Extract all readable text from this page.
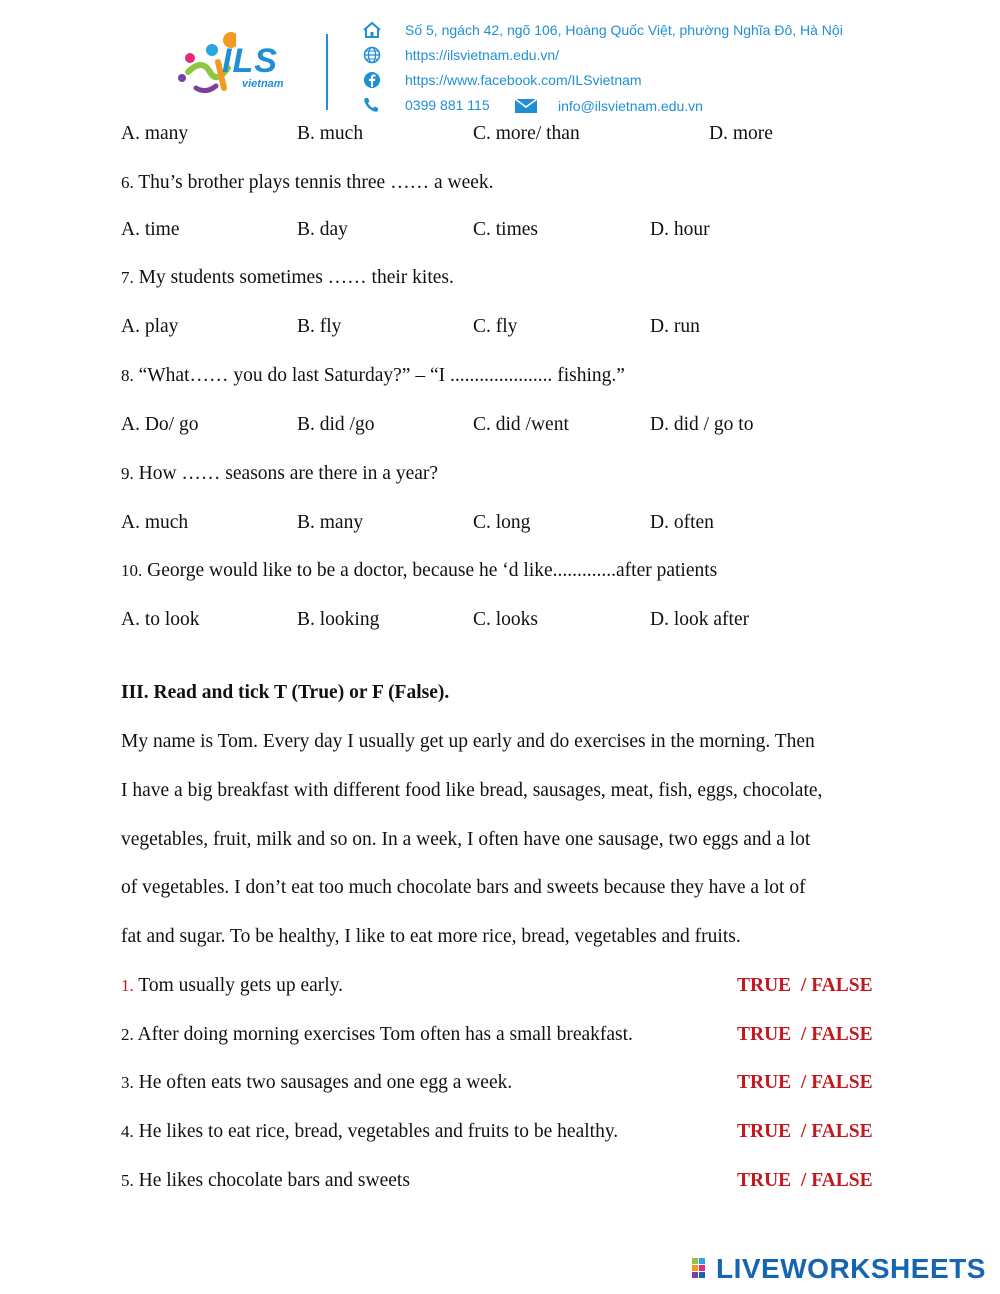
ILS
vietnam
Số 5, ngách 42, ngõ 106, Hoàng Quốc Việt, phường Nghĩa Đô, Hà Nội
https://ilsvietnam.edu.vn/
https://www.facebook.com/ILSvietnam
0399 881 115	info@ilsvietnam.edu.vn
A. many	B. much	C. more/ than	D. more
6. Thu’s brother plays tennis three …… a week.
A. time	B. day	C. times	D. hour
7. My students sometimes …… their kites.
A. play	B. fly	C. fly	D. run
8. “What…… you do last Saturday?” – “I ..................... fishing.”
A. Do/ go	B. did /go	C. did /went	D. did / go to
9. How …… seasons are there in a year?
A. much	B. many	C. long	D. often
10. George would like to be a doctor, because he ‘d like.............after patients
A. to look	B. looking	C. looks	D. look after
III. Read and tick T (True) or F (False).
My name is Tom. Every day I usually get up early and do exercises in the morning. Then
I have a big breakfast with different food like bread, sausages, meat, fish, eggs, chocolate,
vegetables, fruit, milk and so on. In a week, I often have one sausage, two eggs and a lot
of vegetables. I don’t eat too much chocolate bars and sweets because they have a lot of
fat and sugar. To be healthy, I like to eat more rice, bread, vegetables and fruits.
1. Tom usually gets up early.	TRUE  / FALSE
2. After doing morning exercises Tom often has a small breakfast.	TRUE  / FALSE
3. He often eats two sausages and one egg a week.	TRUE  / FALSE
4. He likes to eat rice, bread, vegetables and fruits to be healthy.	TRUE  / FALSE
5. He likes chocolate bars and sweets	TRUE  / FALSE
LIVEWORKSHEETS
